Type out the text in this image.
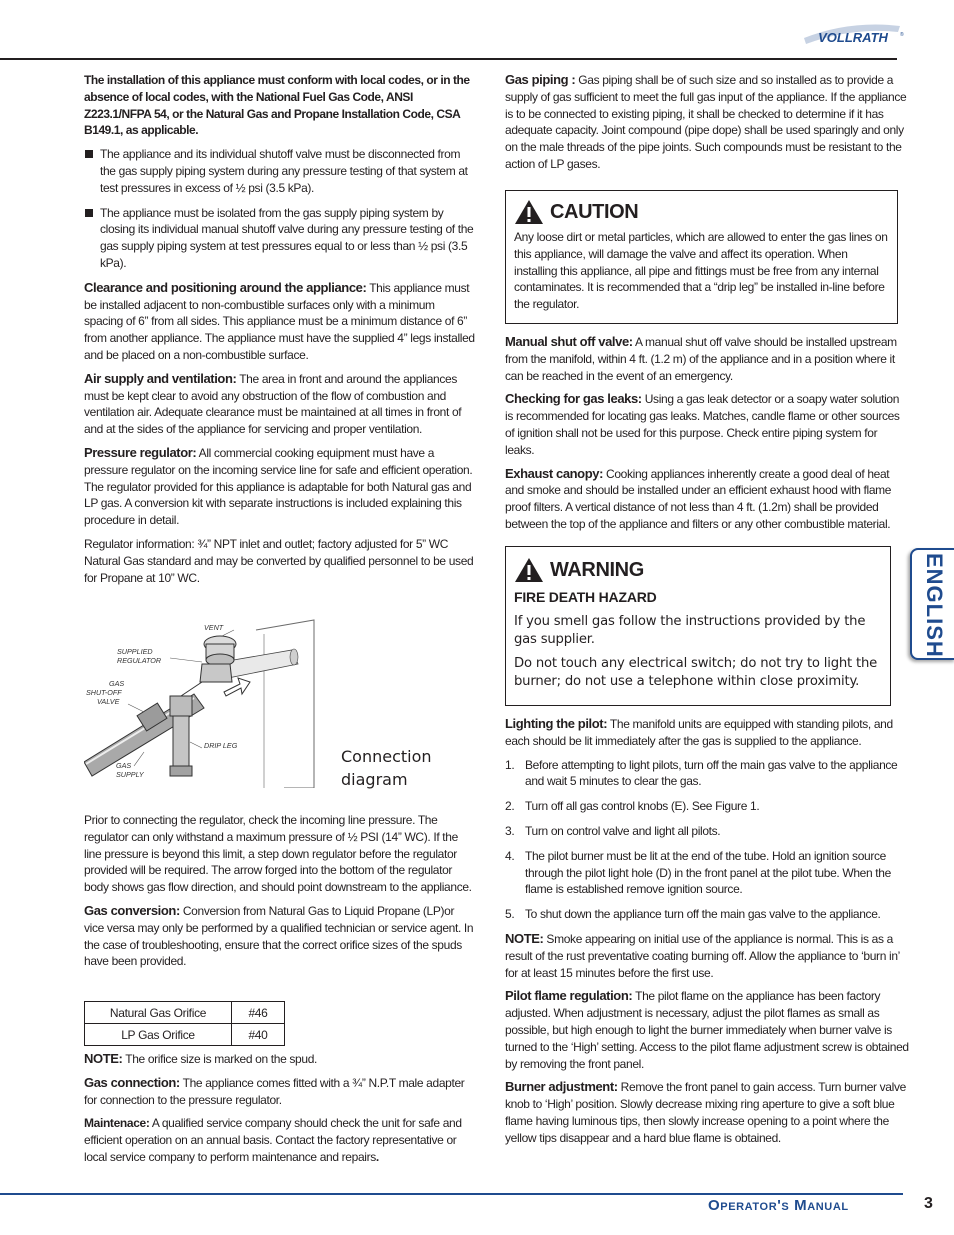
VOLLRATH ®
ENGLISH

The installation of this appliance must conform with local codes, or in the absence of local codes, with the National Fuel Gas Code, ANSI Z223.1/NFPA 54, or the Natural Gas and Propane Installation Code, CSA B149.1, as applicable.

The appliance and its individual shutoff valve must be disconnected from the gas supply piping system during any pressure testing of that system at test pressures in excess of ½ psi (3.5 kPa).
The appliance must be isolated from the gas supply piping system by closing its individual manual shutoff valve during any pressure testing of the gas supply piping system at test pressures equal to or less than ½ psi (3.5 kPa).

Clearance and positioning around the appliance: This appliance must be installed adjacent to non-combustible surfaces only with a minimum spacing of 6” from all sides. This appliance must be a minimum distance of 6” from another appliance. The appliance must have the supplied 4” legs installed and be placed on a non-combustible surface.

Air supply and ventilation: The area in front and around the appliances must be kept clear to avoid any obstruction of the flow of combustion and ventilation air. Adequate clearance must be maintained at all times in front of and at the sides of the appliance for servicing and proper ventilation.

Pressure regulator: All commercial cooking equipment must have a pressure regulator on the incoming service line for safe and efficient operation. The regulator provided for this appliance is adaptable for both Natural gas and LP gas. A conversion kit with separate instructions is included explaining this procedure in detail.

Regulator information: ¾” NPT inlet and outlet; factory adjusted for 5” WC Natural Gas standard and may be converted by qualified personnel to be used for Propane at 10” WC.

VENT
SUPPLIED
REGULATOR
GAS
SHUT-OFF
VALVE
DRIP LEG
GAS
SUPPLY
Connection
diagram

Prior to connecting the regulator, check the incoming line pressure. The regulator can only withstand a maximum pressure of ½ PSI (14” WC). If the line pressure is beyond this limit, a step down regulator before the regulator provided will be required. The arrow forged into the bottom of the regulator body shows gas flow direction, and should point downstream to the appliance.

Gas conversion: Conversion from Natural Gas to Liquid Propane (LP)or vice versa may only be performed by a qualified technician or service agent. In the case of troubleshooting, ensure that the correct orifice sizes of the spuds have been provided.

Natural Gas Orifice	#46
LP Gas Orifice	#40

NOTE: The orifice size is marked on the spud.

Gas connection: The appliance comes fitted with a ¾” N.P.T male adapter for connection to the pressure regulator.

Maintenace: A qualified service company should check the unit for safe and efficient operation on an annual basis. Contact the factory representative or local service company to perform maintenance and repairs.

Gas piping : Gas piping shall be of such size and so installed as to provide a supply of gas sufficient to meet the full gas input of the appliance. If the appliance is to be connected to existing piping, it shall be checked to determine if it has adequate capacity. Joint compound (pipe dope) shall be used sparingly and only on the male threads of the pipe joints. Such compounds must be resistant to the action of LP gases.

CAUTION
Any loose dirt or metal particles, which are allowed to enter the gas lines on this appliance, will damage the valve and affect its operation. When installing this appliance, all pipe and fittings must be free from any internal contaminates. It is recommended that a “drip leg” be installed in-line before the regulator.

Manual shut off valve: A manual shut off valve should be installed upstream from the manifold, within 4 ft. (1.2 m) of the appliance and in a position where it can be reached in the event of an emergency.

Checking for gas leaks: Using a gas leak detector or a soapy water solution is recommended for locating gas leaks. Matches, candle flame or other sources of ignition shall not be used for this purpose. Check entire piping system for leaks.

Exhaust canopy: Cooking appliances inherently create a good deal of heat and smoke and should be installed under an efficient exhaust hood with flame proof filters. A vertical distance of not less than 4 ft. (1.2m) shall be provided between the top of the appliance and filters or any other combustible material.

WARNING
FIRE DEATH HAZARD
If you smell gas follow the instructions provided by the gas supplier.
Do not touch any electrical switch; do not try to light the burner; do not use a telephone within close proximity.

Lighting the pilot: The manifold units are equipped with standing pilots, and each should be lit immediately after the gas is supplied to the appliance.

1. Before attempting to light pilots, turn off the main gas valve to the appliance and wait 5 minutes to clear the gas.
2. Turn off all gas control knobs (E). See Figure 1.
3. Turn on control valve and light all pilots.
4. The pilot burner must be lit at the end of the tube. Hold an ignition source through the pilot light hole (D) in the front panel at the pilot tube. When the flame is established remove ignition source.
5. To shut down the appliance turn off the main gas valve to the appliance.

NOTE: Smoke appearing on initial use of the appliance is normal. This is as a result of the rust preventative coating burning off. Allow the appliance to ‘burn in’ for at least 15 minutes before the first use.

Pilot flame regulation: The pilot flame on the appliance has been factory adjusted. When adjustment is necessary, adjust the pilot flames as small as possible, but high enough to light the burner immediately when burner valve is turned to the ‘High’ setting. Access to the pilot flame adjustment screw is obtained by removing the front panel.

Burner adjustment: Remove the front panel to gain access. Turn burner valve knob to ‘High’ position. Slowly decrease mixing ring aperture to give a soft blue flame having luminous tips, then slowly increase opening to a point where the yellow tips disappear and a hard blue flame is obtained.

Operator's Manual	3
